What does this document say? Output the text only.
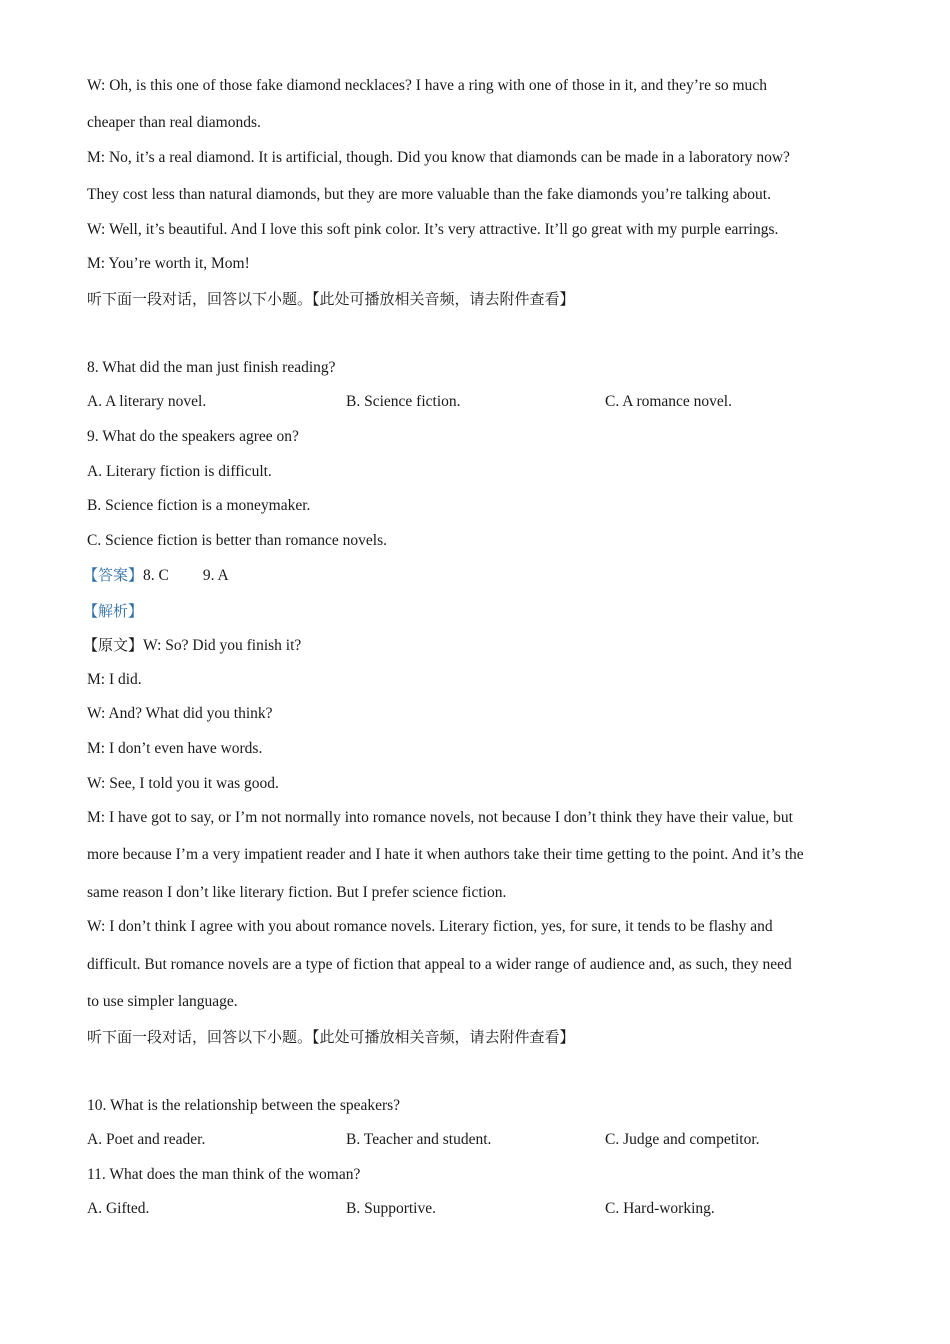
W: Oh, is this one of those fake diamond necklaces? I have a ring with one of those in it, and they’re so much
cheaper than real diamonds.
M: No, it’s a real diamond. It is artificial, though. Did you know that diamonds can be made in a laboratory now?
They cost less than natural diamonds, but they are more valuable than the fake diamonds you’re talking about.
W: Well, it’s beautiful. And I love this soft pink color. It’s very attractive. It’ll go great with my purple earrings.
M: You’re worth it, Mom!
听下面一段对话，回答以下小题。【此处可播放相关音频，请去附件查看】
8. What did the man just finish reading?
A. A literary novel.	B. Science fiction.	C. A romance novel.
9. What do the speakers agree on?
A. Literary fiction is difficult.
B. Science fiction is a moneymaker.
C. Science fiction is better than romance novels.
【答案】8. C 9. A
【解析】
【原文】W: So? Did you finish it?
M: I did.
W: And? What did you think?
M: I don’t even have words.
W: See, I told you it was good.
M: I have got to say, or I’m not normally into romance novels, not because I don’t think they have their value, but
more because I’m a very impatient reader and I hate it when authors take their time getting to the point. And it’s the
same reason I don’t like literary fiction. But I prefer science fiction.
W: I don’t think I agree with you about romance novels. Literary fiction, yes, for sure, it tends to be flashy and
difficult. But romance novels are a type of fiction that appeal to a wider range of audience and, as such, they need
to use simpler language.
听下面一段对话，回答以下小题。【此处可播放相关音频，请去附件查看】
10. What is the relationship between the speakers?
A. Poet and reader.	B. Teacher and student.	C. Judge and competitor.
11. What does the man think of the woman?
A. Gifted.	B. Supportive.	C. Hard-working.
